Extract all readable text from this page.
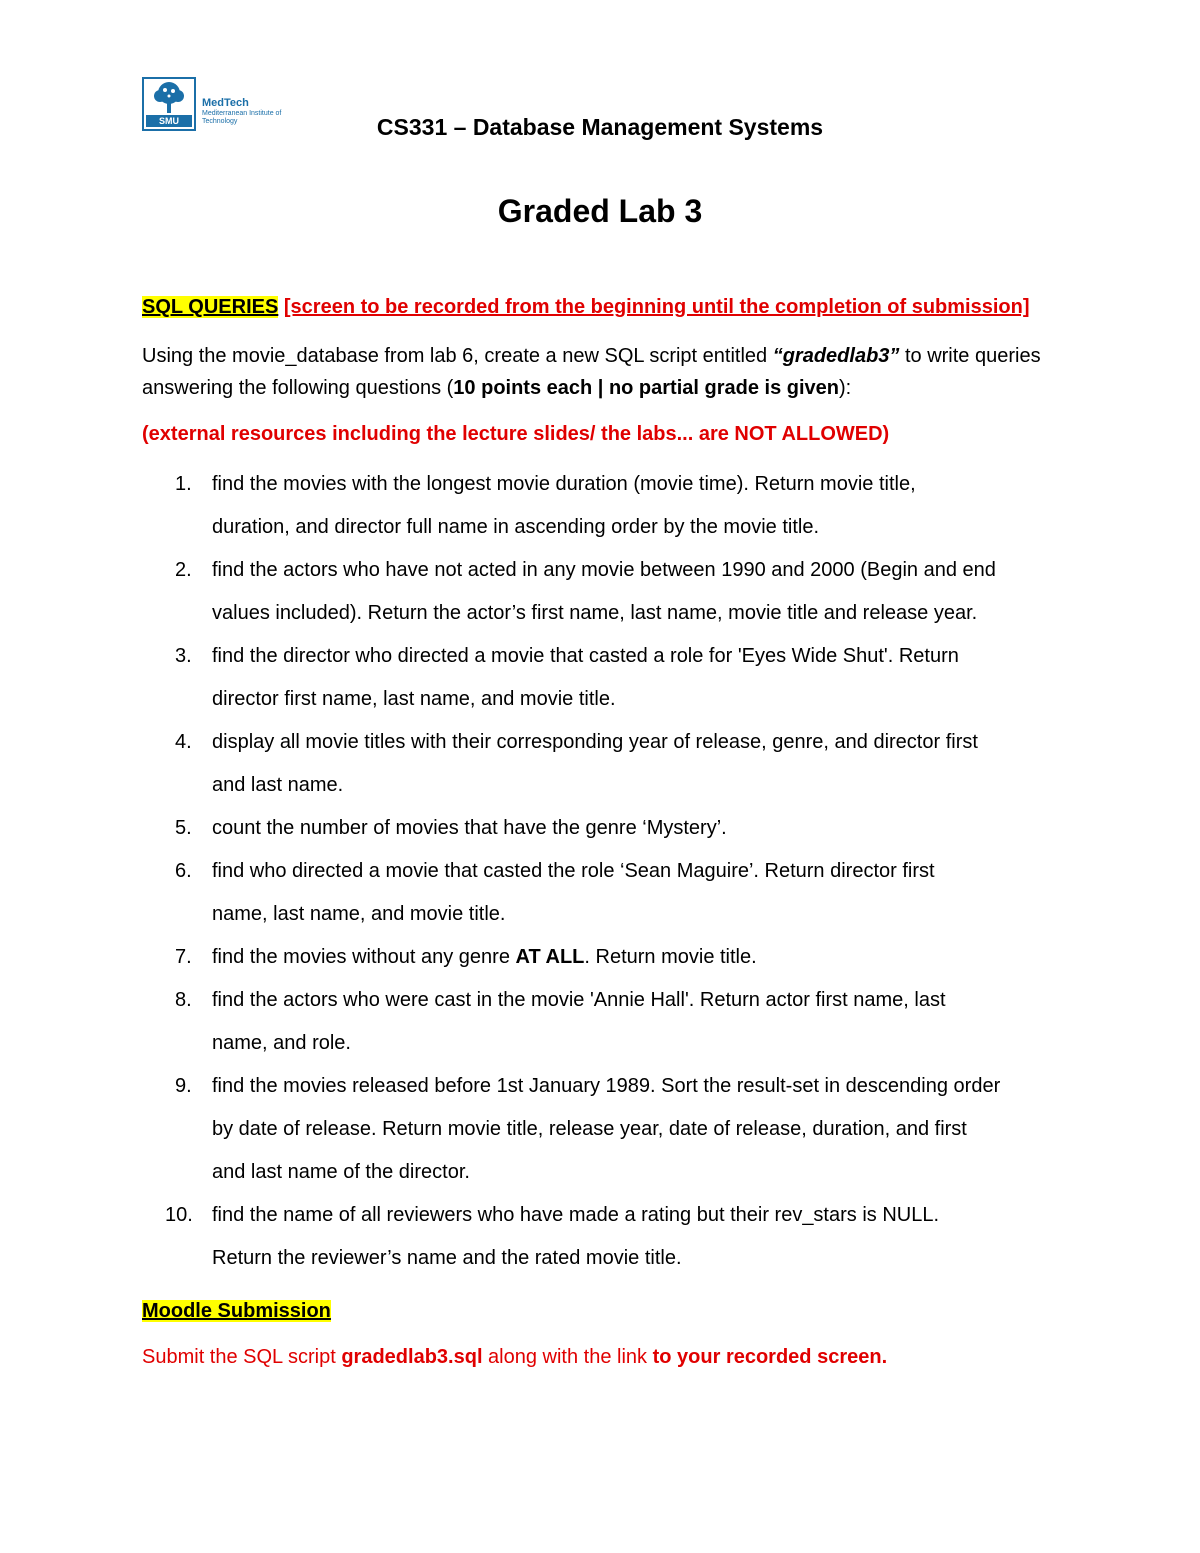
SMU
MedTech
Mediterranean Institute of Technology	CS331 – Database Management Systems
Graded Lab 3
SQL QUERIES [screen to be recorded from the beginning until the completion of submission]
Using the movie_database from lab 6, create a new SQL script entitled “gradedlab3” to write queries answering the following questions (10 points each | no partial grade is given):
(external resources including the lecture slides/ the labs... are NOT ALLOWED)
1. find the movies with the longest movie duration (movie time). Return movie title,
duration, and director full name in ascending order by the movie title.
2. find the actors who have not acted in any movie between 1990 and 2000 (Begin and end
values included). Return the actor’s first name, last name, movie title and release year.
3. find the director who directed a movie that casted a role for 'Eyes Wide Shut'. Return
director first name, last name, and movie title.
4. display all movie titles with their corresponding year of release, genre, and director first
and last name.
5. count the number of movies that have the genre ‘Mystery’.
6. find who directed a movie that casted the role ‘Sean Maguire’. Return director first
name, last name, and movie title.
7. find the movies without any genre AT ALL. Return movie title.
8. find the actors who were cast in the movie 'Annie Hall'. Return actor first name, last
name, and role.
9. find the movies released before 1st January 1989. Sort the result-set in descending order
by date of release. Return movie title, release year, date of release, duration, and first
and last name of the director.
10. find the name of all reviewers who have made a rating but their rev_stars is NULL.
Return the reviewer’s name and the rated movie title.
Moodle Submission
Submit the SQL script gradedlab3.sql along with the link to your recorded screen.
